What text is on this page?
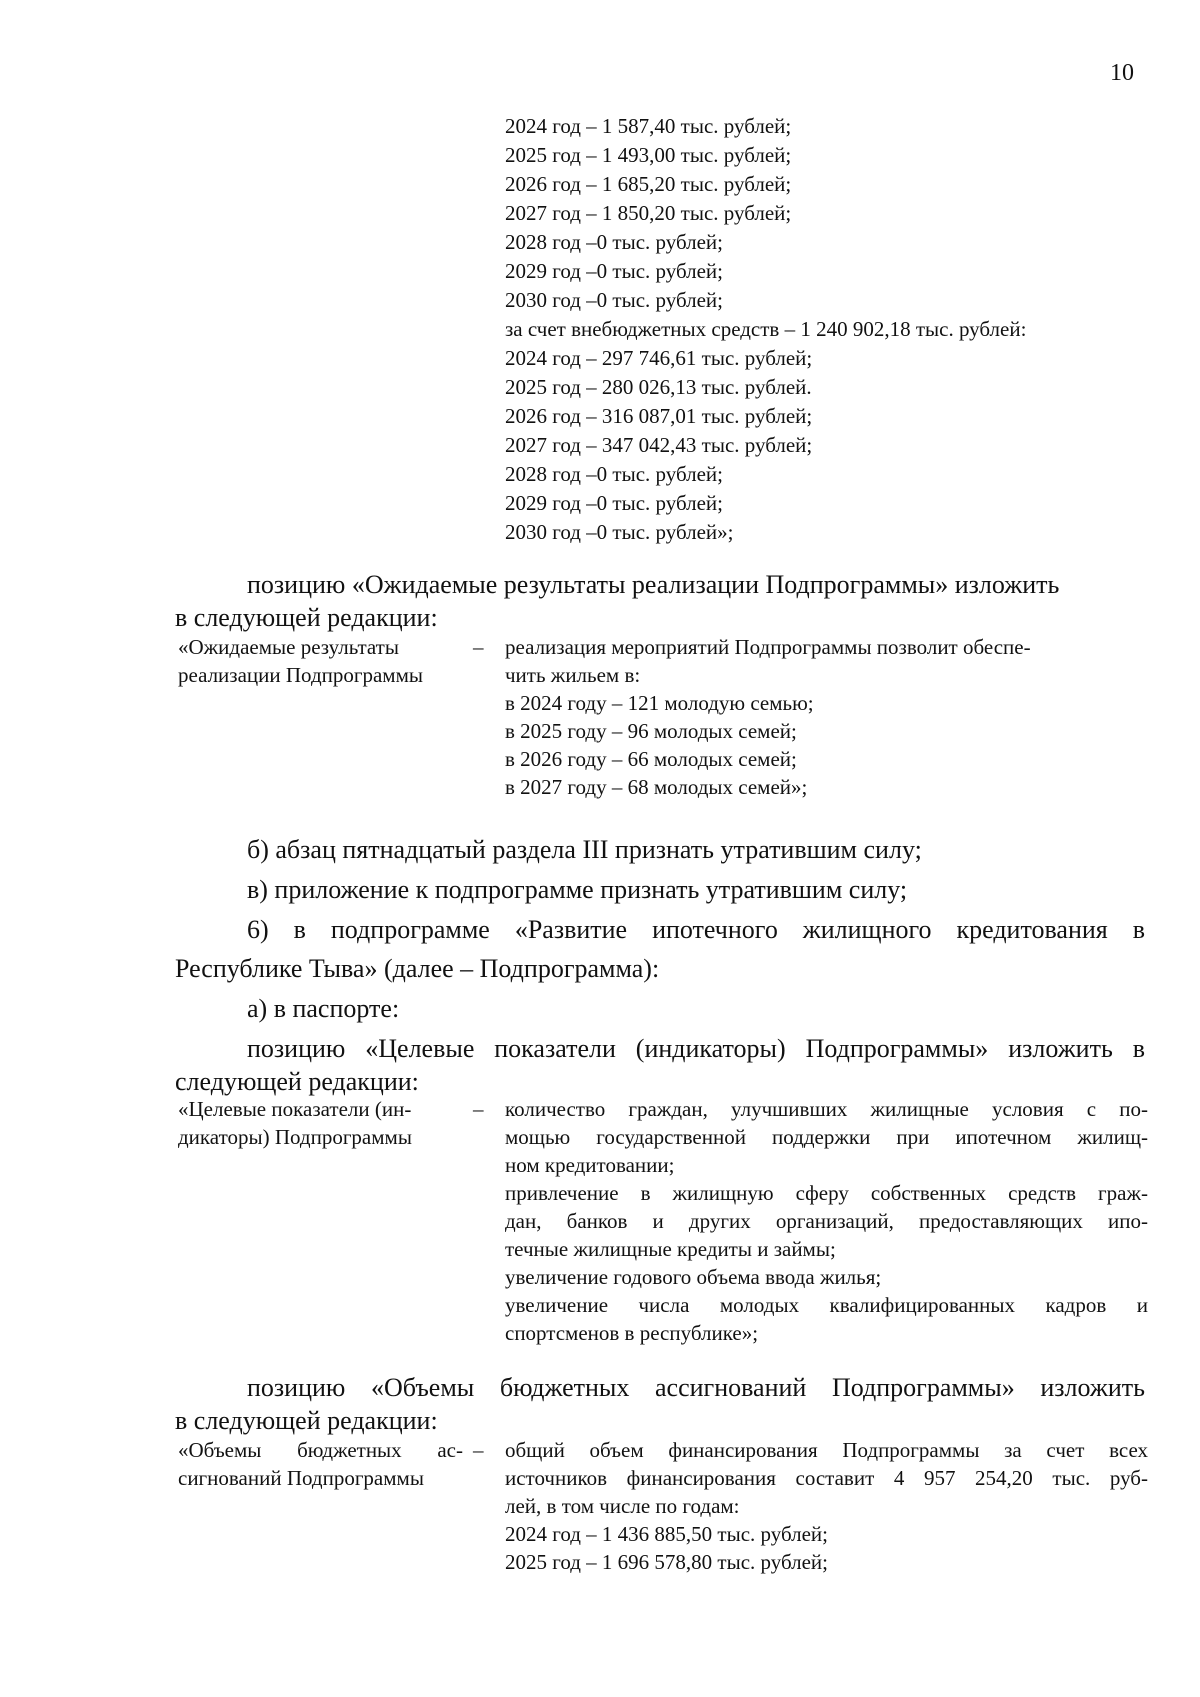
10
2024 год – 1 587,40 тыс. рублей;
2025 год – 1 493,00 тыс. рублей;
2026 год – 1 685,20 тыс. рублей;
2027 год – 1 850,20 тыс. рублей;
2028 год –0 тыс. рублей;
2029 год –0 тыс. рублей;
2030 год –0 тыс. рублей;
за счет внебюджетных средств – 1 240 902,18 тыс. рублей:
2024 год – 297 746,61 тыс. рублей;
2025 год – 280 026,13 тыс. рублей.
2026 год – 316 087,01 тыс. рублей;
2027 год – 347 042,43 тыс. рублей;
2028 год –0 тыс. рублей;
2029 год –0 тыс. рублей;
2030 год –0 тыс. рублей»;
позицию «Ожидаемые результаты реализации Подпрограммы» изложить
в следующей редакции:
«Ожидаемые результаты
реализации Подпрограммы
–	реализация мероприятий Подпрограммы позволит обеспе-
чить жильем в:
в 2024 году – 121 молодую семью;
в 2025 году – 96 молодых семей;
в 2026 году – 66 молодых семей;
в 2027 году – 68 молодых семей»;
б) абзац пятнадцатый раздела III признать утратившим силу;
в) приложение к подпрограмме признать утратившим силу;
6) в подпрограмме «Развитие ипотечного жилищного кредитования в
Республике Тыва» (далее – Подпрограмма):
а) в паспорте:
позицию «Целевые показатели (индикаторы) Подпрограммы» изложить в
следующей редакции:
«Целевые показатели (ин-
дикаторы) Подпрограммы
–	количество граждан, улучшивших жилищные условия с по-
мощью государственной поддержки при ипотечном жилищ-
ном кредитовании;
привлечение в жилищную сферу собственных средств граж-
дан, банков и других организаций, предоставляющих ипо-
течные жилищные кредиты и займы;
увеличение годового объема ввода жилья;
увеличение числа молодых квалифицированных кадров и
спортсменов в республике»;
позицию «Объемы бюджетных ассигнований Подпрограммы» изложить
в следующей редакции:
«Объемы бюджетных ас-
сигнований Подпрограммы
–	общий объем финансирования Подпрограммы за счет всех
источников финансирования составит 4 957 254,20 тыс. руб-
лей, в том числе по годам:
2024 год – 1 436 885,50 тыс. рублей;
2025 год – 1 696 578,80 тыс. рублей;
